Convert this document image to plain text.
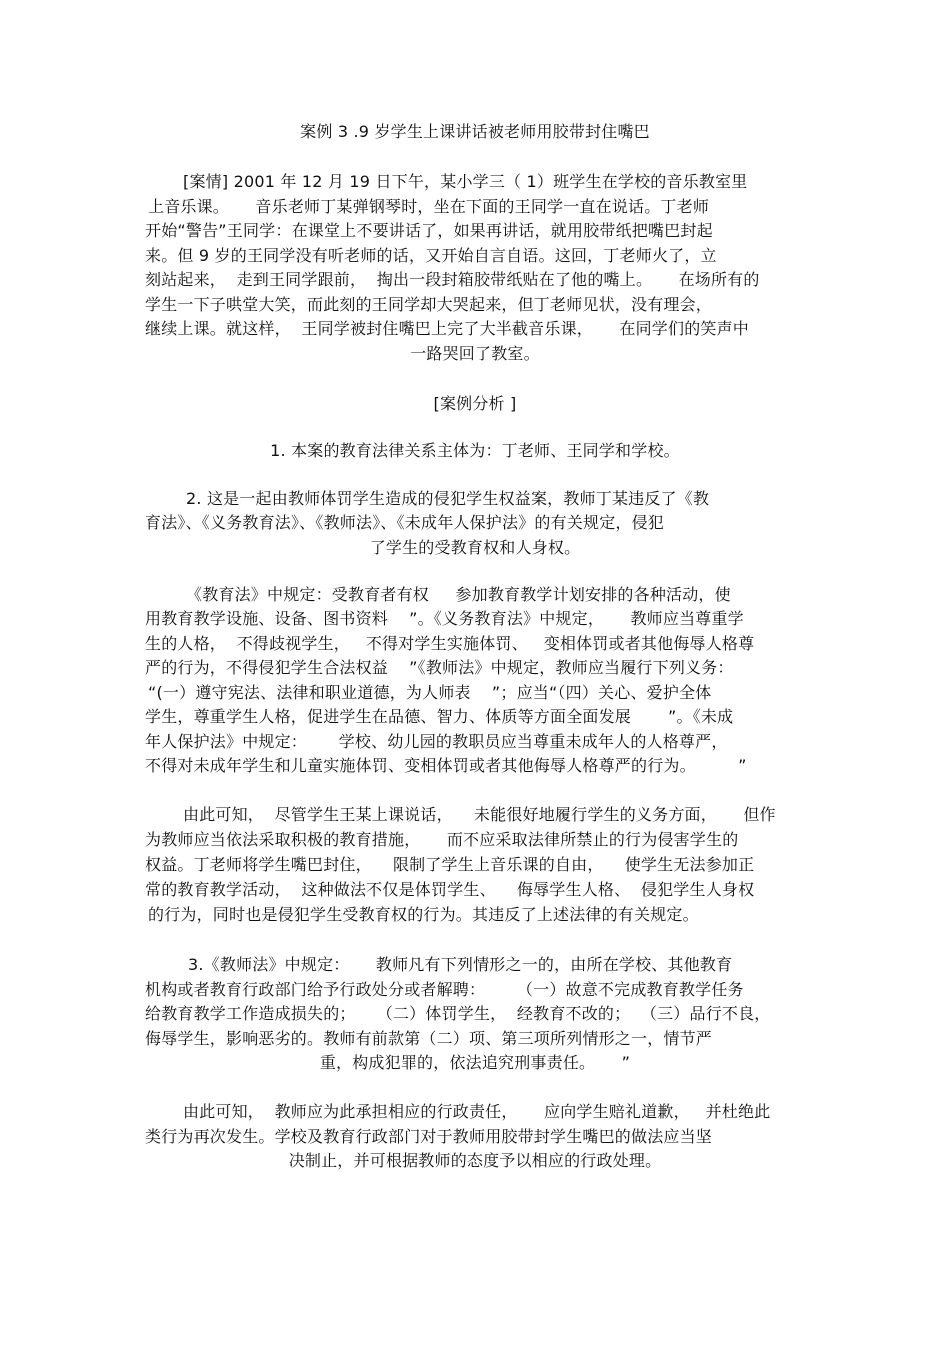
案例 3 .9 岁学生上课讲话被老师用胶带封住嘴巴
[案情] 2001 年 12 月 19 日下午，某小学三（ 1）班学生在学校的音乐教室里
上音乐课。     音乐老师丁某弹钢琴时，坐在下面的王同学一直在说话。丁老师
开始“警告”王同学：在课堂上不要讲话了，如果再讲话，就用胶带纸把嘴巴封起
来。但 9 岁的王同学没有听老师的话，又开始自言自语。这回，丁老师火了，立
刻站起来，  走到王同学跟前，  掏出一段封箱胶带纸贴在了他的嘴上。     在场所有的
学生一下子哄堂大笑，而此刻的王同学却大哭起来，但丁老师见状，没有理会，
继续上课。就这样，  王同学被封住嘴巴上完了大半截音乐课，     在同学们的笑声中
一路哭回了教室。
[案例分析 ]
1. 本案的教育法律关系主体为：丁老师、王同学和学校。
2. 这是一起由教师体罚学生造成的侵犯学生权益案，教师丁某违反了《教
育法》、《义务教育法》、《教师法》、《未成年人保护法》的有关规定，侵犯
了学生的受教育权和人身权。
《教育法》中规定：受教育者有权     参加教育教学计划安排的各种活动，使
用教育教学设施、设备、图书资料    ”。《义务教育法》中规定，     教师应当尊重学
生的人格，  不得歧视学生，   不得对学生实施体罚、   变相体罚或者其他侮辱人格尊
严的行为，不得侵犯学生合法权益    ”《教师法》中规定，教师应当履行下列义务：
“(一）遵守宪法、法律和职业道德，为人师表    ”；应当“（四）关心、爱护全体
学生，尊重学生人格，促进学生在品德、智力、体质等方面全面发展       ”。《未成
年人保护法》中规定：      学校、幼儿园的教职员应当尊重未成年人的人格尊严，
不得对未成年学生和儿童实施体罚、变相体罚或者其他侮辱人格尊严的行为。        ”
由此可知，  尽管学生王某上课说话，    未能很好地履行学生的义务方面，     但作
为教师应当依法采取积极的教育措施，     而不应采取法律所禁止的行为侵害学生的
权益。丁老师将学生嘴巴封住，    限制了学生上音乐课的自由，    使学生无法参加正
常的教育教学活动，  这种做法不仅是体罚学生、    侮辱学生人格、  侵犯学生人身权
的行为，同时也是侵犯学生受教育权的行为。其违反了上述法律的有关规定。
3.《教师法》中规定：     教师凡有下列情形之一的，由所在学校、其他教育
机构或者教育行政部门给予行政处分或者解聘：      （一）故意不完成教育教学任务
给教育教学工作造成损失的；    （二）体罚学生，  经教育不改的；  （三）品行不良，
侮辱学生，影响恶劣的。教师有前款第（二）项、第三项所列情形之一，情节严
重，构成犯罪的，依法追究刑事责任。     ”
由此可知，  教师应为此承担相应的行政责任，     应向学生赔礼道歉，   并杜绝此
类行为再次发生。学校及教育行政部门对于教师用胶带封学生嘴巴的做法应当坚
决制止，并可根据教师的态度予以相应的行政处理。
